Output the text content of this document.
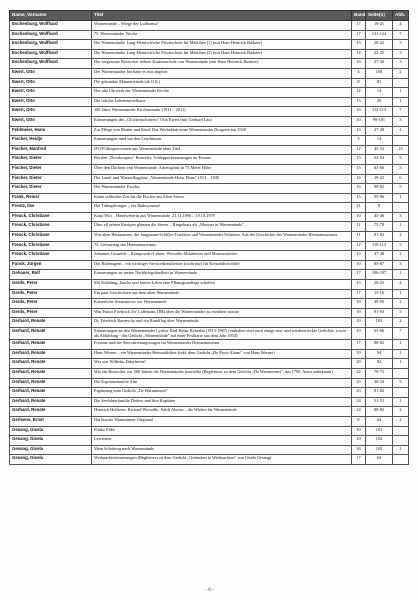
Name, Vorname	Titel	Band	Seite(n)	Abb.
Eschenburg, Wolfhard	Warnemünde – Wiege der Lufthansa?	17	19-21	4
Eschenburg, Wolfhard	75. Warnemünder Woche	17	121-124	7
Eschenburg, Wolfhard	Die Warnemünder Lang-Heinrich'sche Privatschule für Mädchen [1] (mit Hans Heinrich Budzier)	13	20-22	3
Eschenburg, Wolfhard	Die Warnemünder Lang-Heinrich'sche Privatschule für Mädchen (2) (mit Hans Heinrich Budzier)	14	22-25	3
Eschenburg, Wolfhard	Die vergessene Rostocker höhere Knabenschule von Warnemünde (mit Hans Heinrich Budzier)	16	27-30	3
Ewert, Otto	Der Warnemünder hat hatte es mir angetan	4	108	2
Ewert, Otto	Die gekränkte Männerwürde (ab O.E.)	8	81	
Ewert, Otto	Das alte Uhrwerk der Warnemünder Kirche	12	14	1
Ewert, Otto	Die falsche Lebensmittelkarte	13	29	1
Ewert, Otto	100 Jahre Warnemünder Kirchturmuhr (1911 – 2011)	16	112-113	7
Ewert, Otto	Erinnerungen des „Glockenschösters" Otto Ewert (mit Gerhard Lau)	10	99-101	3
Feldmeier, Hans	Zur Pflege von Mutter und Kind. Das Werbeblatt einer Warnemünder Drogerie aus 1920	13	27-28	1
Fischer, Heidje	Erinnerungen rund um den Leuchtturm	3	14	
Fischer, Manfred	(FOTO)Impressionen aus Warnemünde ohne Titel	12	45-52	16
Fischer, Dieter	Bei den „Doorkoopers" Rostocks. Schlepperbesatzungen im Einsatz	15	52-54	5
Fischer, Dieter	Über den Dächern von Warnemünde. Arbeitsplatz in 75 Meter Höhe	15	63-66	5
Fischer, Dieter	Der Land- und Wasserflugplatz „Warnemünde-Hohe Düne" 1913 – 1945	16	19-22	6
Fischer, Dieter	Der Warnemünder Exodus	16	90-92	5
Frank, Reiner	Keine schlechte Zeit für die Fischer am Alten Strom	15	95-96	1
Frentz, Ilse	Dei Tidingsbringer – ein Bäderjournal	21	8	
Freuck, Christiane	Katja Witt – Handweberin aus Warnemünde. 21.11.1896 – 19.10.1979	10	45-46	3
Freuck, Christiane	Über all seinen Kneipen glänzen die Sterne – Ringelnatz als „Mariner in Warnemünde"	11	75-78	1
Freuck, Christiane	Von alten Hausnamen, der Jungmann-Schiffer-Tradition und Warnemünder Schätzen. Aus der Geschichte des Warnemünder Heimatmuseums	11	81-82	2
Freuck, Christiane	75. Geburtstag des Heimatmuseums	12	110-113	5
Freuck, Christiane	Johannes Gosselck – Kempowski-Lehrer, Wossidlo-Mitarbeiter und Museumsleiter	13	47-48	2
Funck, Jürgen	Der Hafenagent – ein wichtiger Servicedienstleister (nicht nur) für Kreuzfahrtschiffe	10	85-87	3
Gehauer, Rolf	Erinnerungen an meine Nachkriegskindheit in Warnemünde	17	106-107	1
Gerds, Peter	Mit Kuhdung, Jauche und fettem Lehm eine Pflanzgrundlage schaffen	15	20-23	4
Gerds, Peter	Ein paar Geschichten aus dem alten Warnemünde	17	15-16	1
Gerds, Peter	Kaiserliche Seemanöver vor Warnemünde	19	49-50	2
Gerds, Peter	Was Pastor Friedrich Jor' Lallemant 1884 über die Warnemünder zu erzählen wusste	19	91-93	5
Gerhard, Renate	Dr. Friedrich Barnewitz und ein Rundflug über Warnemünde	19	103	2
Gerhard, Renate	Erinnerungen an den Warnemünder Lyriker Karl Heinz Robrahn (1913-1987) (enthalten sind auch einige neu- und wiedererteckte Gedichte, sowie - als Abbildung - das Gedicht „Warnemünde" auf einer Postkarte aus dem Jahr 1934)	19	63-66	7
Gerhard, Renate	Fontane und der Seerottrettungswagen im Warnemünder Heimatmuseum	17	80-82	1
Gerhard, Renate	Hans Werner – ein Warnemünder Heimatdichter (inkl. dem Gedicht „De Prost-Alarm" von Hans Werner)	19	94	1
Gerhard, Renate	Wer war Wilhelm Dabelstein?	20	82	1
Gerhard, Renate	Wie ein Rostocker vor 200 Jahren die Warnemünder beurteilte (Begleittext zu dem Gedicht „De Warnminner", um 1790, Autor unbekannt)	22	70-72	
Gerhard, Renate	Die Kapitänsfamilie Alm	23	30-34	5
Gerhard, Renate	Ergänzung zum Gedicht „De Warnminner"	23	81-82	
Gerhard, Renate	Die Seefahrerfamilie Dedow und ihre Kapitäne	24	51-53	1
Gerhard, Renate	Heinrich Holfreter, Richard Wossidlo, Adolf Ahrens – die Wiekes für Warnemünde	24	80-82	2
Gerlsens, Ernst	Dat busche Warnminner Originaal	8	64	2
Gesang, Gisela	Flinke Füße	10	101	
Gesang, Gisela	Lewertten	10	102	
Gesang, Gisela	Mein Schulweg nach Warnemünde	16	105	1
Gesang, Gisela	Weihnachtserinnerungen (Begleittext zu dem Gedicht „Gedanken to Wiehnachten" von Gisela Gesang)	17	63	
- 6 -
